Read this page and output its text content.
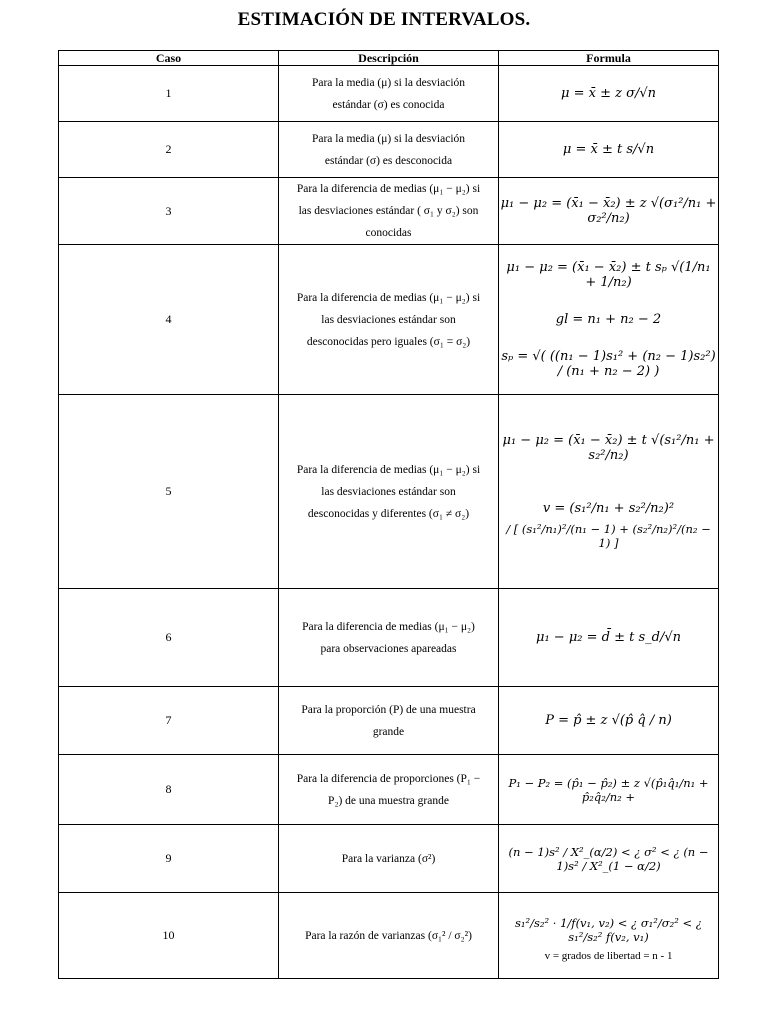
ESTIMACIÓN DE INTERVALOS.
Caso	Descripción	Formula
1	Para la media (μ) si la desviación estándar (σ) es conocida	μ = x̄ ± z σ/√n

2	Para la media (μ) si la desviación estándar (σ) es desconocida	μ = x̄ ± t s/√n

3	Para la diferencia de medias (μ₁ − μ₂) si las desviaciones estándar ( σ₁ y σ₂) son conocidas	μ₁ − μ₂ = (x̄₁ − x̄₂) ± z √(σ₁²/n₁ + σ₂²/n₂)

4	Para la diferencia de medias (μ₁ − μ₂) si las desviaciones estándar son desconocidas pero iguales (σ₁ = σ₂)	μ₁ − μ₂ = (x̄₁ − x̄₂) ± t sₚ √(1/n₁ + 1/n₂)
gl = n₁ + n₂ − 2
sₚ = √( ((n₁ − 1)s₁² + (n₂ − 1)s₂²) / (n₁ + n₂ − 2) )

5	Para la diferencia de medias (μ₁ − μ₂) si las desviaciones estándar son desconocidas y diferentes (σ₁ ≠ σ₂)	μ₁ − μ₂ = (x̄₁ − x̄₂) ± t √(s₁²/n₁ + s₂²/n₂)
v = (s₁²/n₁ + s₂²/n₂)²
/ [ (s₁²/n₁)²/(n₁ − 1) + (s₂²/n₂)²/(n₂ − 1) ]

6	Para la diferencia de medias (μ₁ − μ₂) para observaciones apareadas	μ₁ − μ₂ = d̄ ± t s_d/√n

7	Para la proporción (P) de una muestra grande	P = p̂ ± z √(p̂ q̂ / n)

8	Para la diferencia de proporciones (P₁ − P₂) de una muestra grande	P₁ − P₂ = (p̂₁ − p̂₂) ± z √(p̂₁q̂₁/n₁ + p̂₂q̂₂/n₂ +

9	Para la varianza (σ²)	(n − 1)s² / X²_(α/2) < ¿ σ² < ¿ (n − 1)s² / X²_(1 − α/2)

10	Para la razón de varianzas (σ₁² / σ₂²)	s₁²/s₂² · 1/f(v₁, v₂) < ¿ σ₁²/σ₂² < ¿ s₁²/s₂² f(v₂, v₁)
v = grados de libertad = n - 1
